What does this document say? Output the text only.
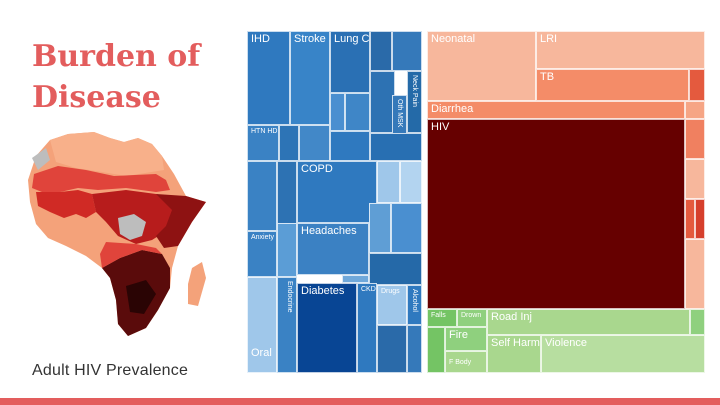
Burden of Disease
Adult HIV Prevalence
IHD Stroke Lung C
Neck Pain
Oth MSK
HTN HD
COPD
Anxiety
Headaches
Diabetes CKD Drugs Alcohol
Oral
Endocrine
Neonatal	LRI
TB
Diarrhea
HIV
Falls Drown Road Inj
Fire
F Body
Self Harm Violence
